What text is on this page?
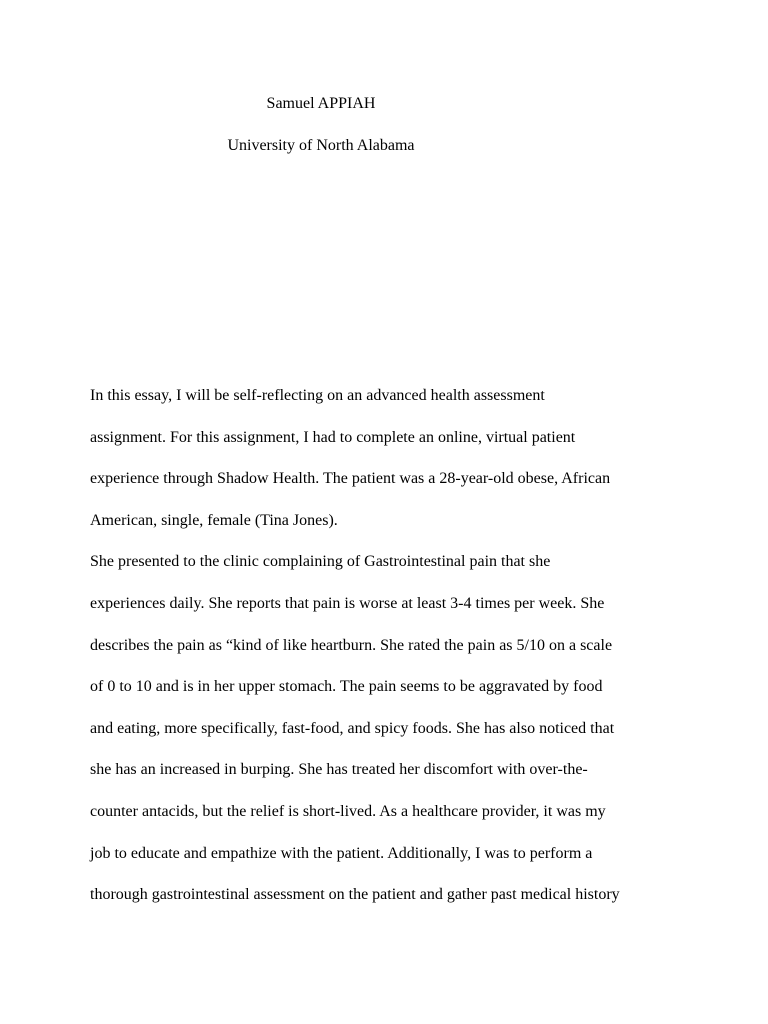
Samuel APPIAH
University of North Alabama
In this essay, I will be self-reflecting on an advanced health assessment
assignment. For this assignment, I had to complete an online, virtual patient
experience through Shadow Health. The patient was a 28-year-old obese, African
American, single, female (Tina Jones).
She presented to the clinic complaining of Gastrointestinal pain that she
experiences daily. She reports that pain is worse at least 3-4 times per week. She
describes the pain as “kind of like heartburn. She rated the pain as 5/10 on a scale
of 0 to 10 and is in her upper stomach. The pain seems to be aggravated by food
and eating, more specifically, fast-food, and spicy foods. She has also noticed that
she has an increased in burping. She has treated her discomfort with over-the-
counter antacids, but the relief is short-lived. As a healthcare provider, it was my
job to educate and empathize with the patient. Additionally, I was to perform a
thorough gastrointestinal assessment on the patient and gather past medical history
